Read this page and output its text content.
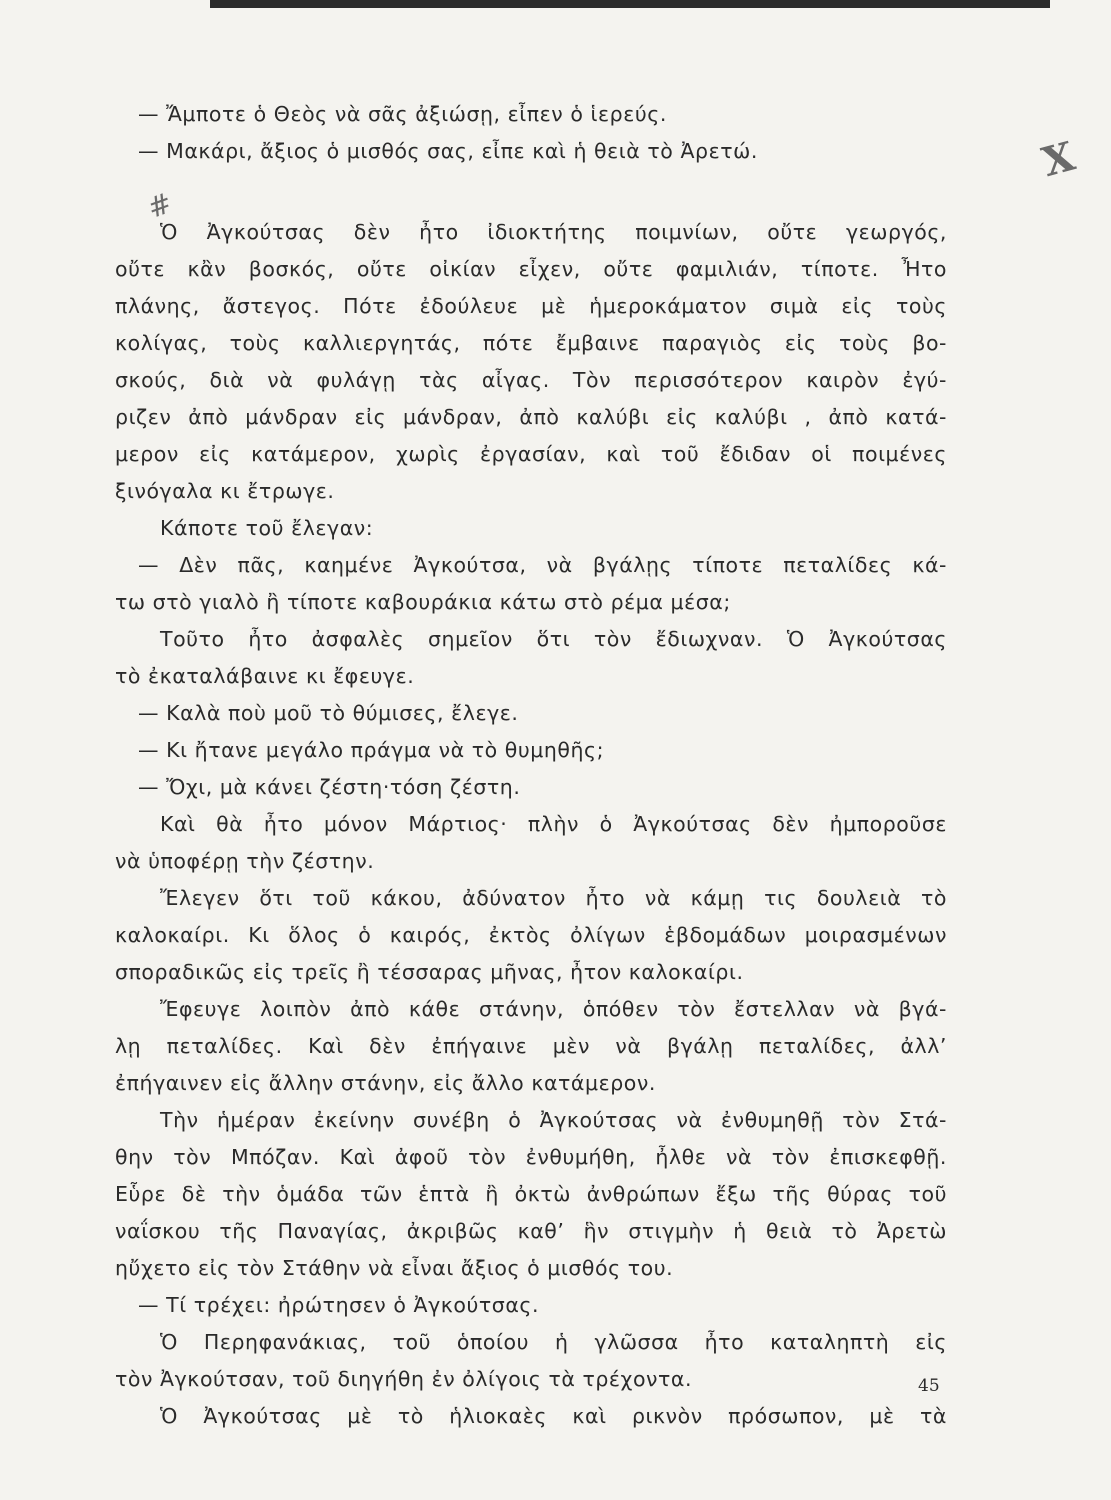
— Ἄμποτε ὁ Θεὸς νὰ σᾶς ἀξιώσῃ, εἶπεν ὁ ἱερεύς.
— Μακάρι, ἄξιος ὁ μισθός σας, εἶπε καὶ ἡ θειὰ τὸ Ἀρετώ.
Ὁ Ἀγκούτσας δὲν ἦτο ἰδιοκτήτης ποιμνίων, οὔτε γεωργός,
οὔτε κἂν βοσκός, οὔτε οἰκίαν εἶχεν, οὔτε φαμιλιάν, τίποτε. Ἦτο
πλάνης, ἄστεγος. Πότε ἐδούλευε μὲ ἡμεροκάματον σιμὰ εἰς τοὺς
κολίγας, τοὺς καλλιεργητάς, πότε ἔμβαινε παραγιὸς εἰς τοὺς βο-
σκούς, διὰ νὰ φυλάγῃ τὰς αἶγας. Τὸν περισσότερον καιρὸν ἐγύ-
ριζεν ἀπὸ μάνδραν εἰς μάνδραν, ἀπὸ καλύβι εἰς καλύβι , ἀπὸ κατά-
μερον εἰς κατάμερον, χωρὶς ἐργασίαν, καὶ τοῦ ἔδιδαν οἱ ποιμένες
ξινόγαλα κι ἔτρωγε.
Κάποτε τοῦ ἔλεγαν:
— Δὲν πᾶς, καημένε Ἀγκούτσα, νὰ βγάλῃς τίποτε πεταλίδες κά-
τω στὸ γιαλὸ ἢ τίποτε καβουράκια κάτω στὸ ρέμα μέσα;
Τοῦτο ἦτο ἀσφαλὲς σημεῖον ὅτι τὸν ἔδιωχναν. Ὁ Ἀγκούτσας
τὸ ἐκαταλάβαινε κι ἔφευγε.
— Καλὰ ποὺ μοῦ τὸ θύμισες, ἔλεγε.
— Κι ἤτανε μεγάλο πράγμα νὰ τὸ θυμηθῆς;
— Ὄχι, μὰ κάνει ζέστη·τόση ζέστη.
Καὶ θὰ ἦτο μόνον Μάρτιος· πλὴν ὁ Ἀγκούτσας δὲν ἠμποροῦσε
νὰ ὑποφέρῃ τὴν ζέστην.
Ἔλεγεν ὅτι τοῦ κάκου, ἀδύνατον ἦτο νὰ κάμῃ τις δουλειὰ τὸ
καλοκαίρι. Κι ὅλος ὁ καιρός, ἐκτὸς ὀλίγων ἑβδομάδων μοιρασμένων
σποραδικῶς εἰς τρεῖς ἢ τέσσαρας μῆνας, ἦτον καλοκαίρι.
Ἔφευγε λοιπὸν ἀπὸ κάθε στάνην, ὁπόθεν τὸν ἔστελλαν νὰ βγά-
λῃ πεταλίδες. Καὶ δὲν ἐπήγαινε μὲν νὰ βγάλῃ πεταλίδες, ἀλλ’
ἐπήγαινεν εἰς ἄλλην στάνην, εἰς ἄλλο κατάμερον.
Τὴν ἡμέραν ἐκείνην συνέβη ὁ Ἀγκούτσας νὰ ἐνθυμηθῇ τὸν Στά-
θην τὸν Μπόζαν. Καὶ ἀφοῦ τὸν ἐνθυμήθη, ἦλθε νὰ τὸν ἐπισκεφθῇ.
Εὗρε δὲ τὴν ὁμάδα τῶν ἑπτὰ ἢ ὀκτὼ ἀνθρώπων ἔξω τῆς θύρας τοῦ
ναΐσκου τῆς Παναγίας, ἀκριβῶς καθ’ ἣν στιγμὴν ἡ θειὰ τὸ Ἀρετὼ
ηὔχετο εἰς τὸν Στάθην νὰ εἶναι ἄξιος ὁ μισθός του.
— Τί τρέχει: ἠρώτησεν ὁ Ἀγκούτσας.
Ὁ Περηφανάκιας, τοῦ ὁποίου ἡ γλῶσσα ἦτο καταληπτὴ εἰς
τὸν Ἀγκούτσαν, τοῦ διηγήθη ἐν ὀλίγοις τὰ τρέχοντα.
Ὁ Ἀγκούτσας μὲ τὸ ἡλιοκαὲς καὶ ρικνὸν πρόσωπον, μὲ τὰ
X
#
45
